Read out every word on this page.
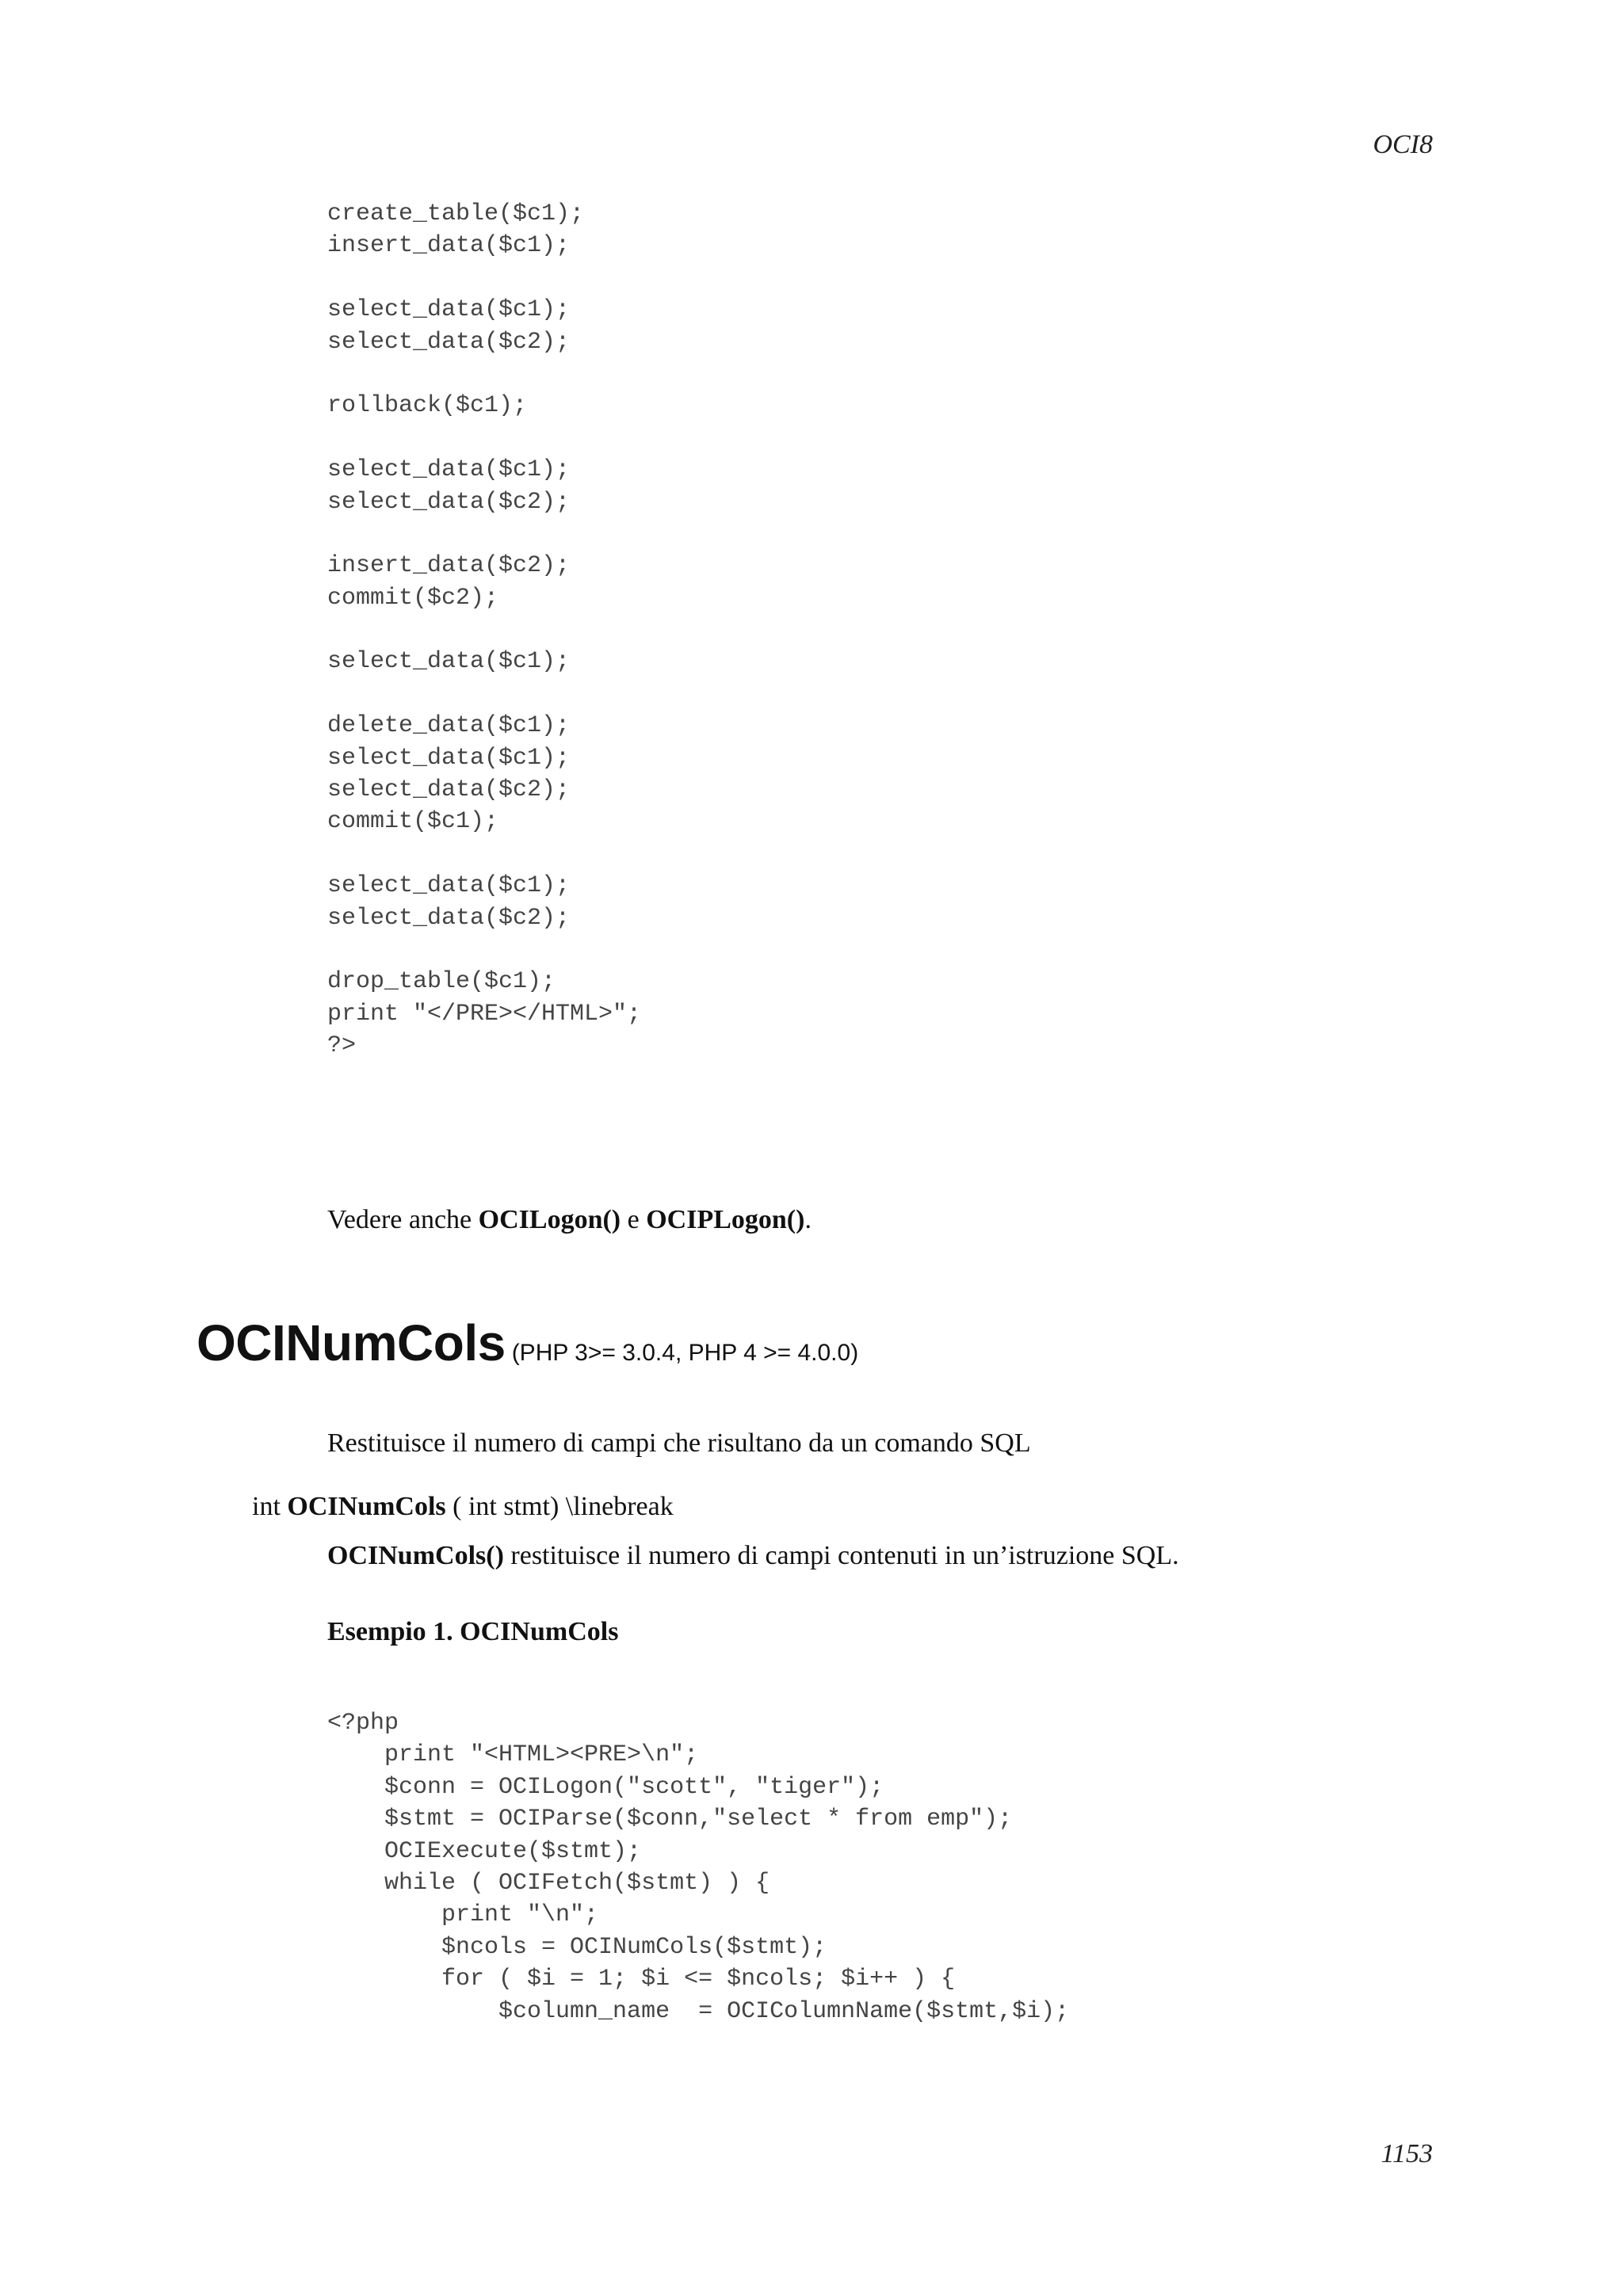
OCI8
create_table($c1);
insert_data($c1);
select_data($c1);
select_data($c2);
rollback($c1);
select_data($c1);
select_data($c2);
insert_data($c2);
commit($c2);
select_data($c1);
delete_data($c1);
select_data($c1);
select_data($c2);
commit($c1);
select_data($c1);
select_data($c2);
drop_table($c1);
print "</PRE></HTML>";
?>
Vedere anche OCILogon() e OCIPLogon().
OCINumCols (PHP 3>= 3.0.4, PHP 4 >= 4.0.0)
Restituisce il numero di campi che risultano da un comando SQL
int OCINumCols ( int stmt) \linebreak
OCINumCols() restituisce il numero di campi contenuti in un’istruzione SQL.
Esempio 1. OCINumCols
<?php
print "<HTML><PRE>\n";
$conn = OCILogon("scott", "tiger");
$stmt = OCIParse($conn,"select * from emp");
OCIExecute($stmt);
while ( OCIFetch($stmt) ) {
print "\n";
$ncols = OCINumCols($stmt);
for ( $i = 1; $i <= $ncols; $i++ ) {
$column_name  = OCIColumnName($stmt,$i);
1153
